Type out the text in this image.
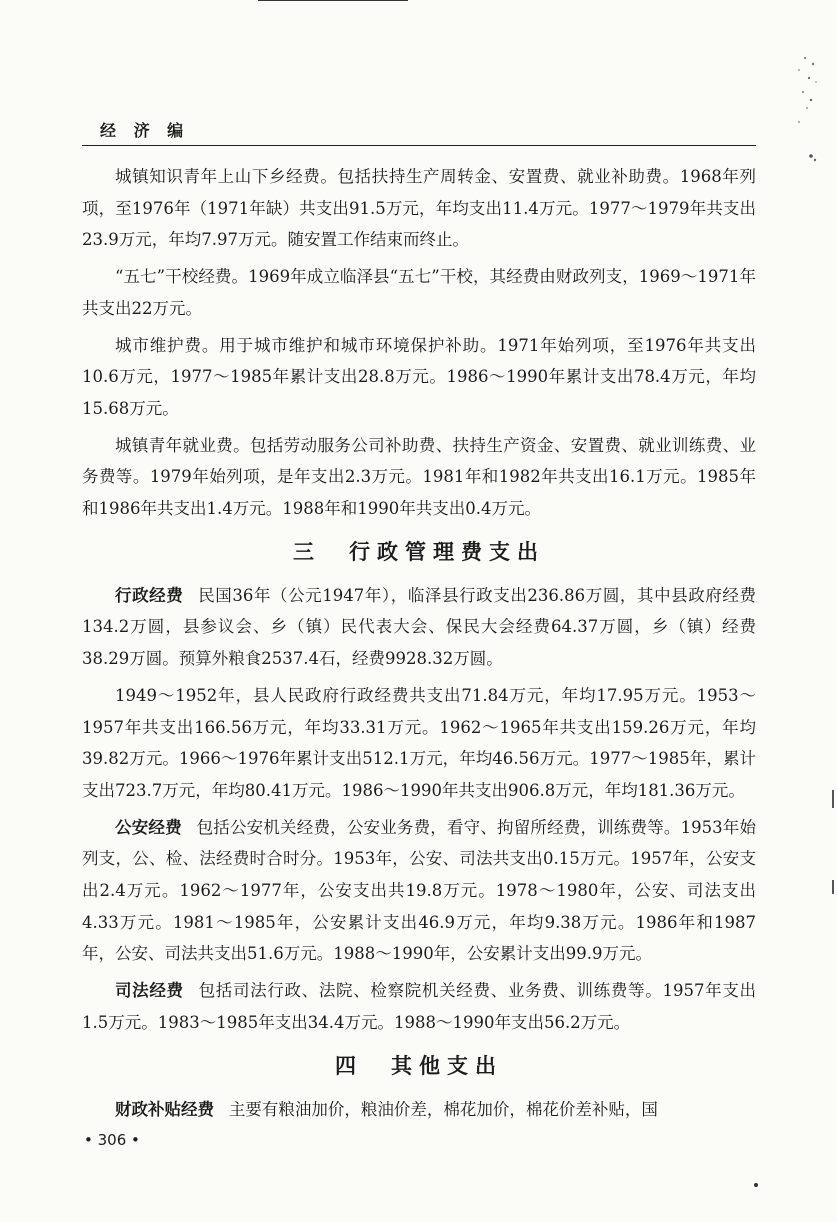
经 济 编

城镇知识青年上山下乡经费。包括扶持生产周转金、安置费、就业补助费。1968年列项，至1976年（1971年缺）共支出91.5万元，年均支出11.4万元。1977～1979年共支出23.9万元，年均7.97万元。随安置工作结束而终止。

“五七”干校经费。1969年成立临泽县“五七”干校，其经费由财政列支，1969～1971年共支出22万元。

城市维护费。用于城市维护和城市环境保护补助。1971年始列项，至1976年共支出10.6万元，1977～1985年累计支出28.8万元。1986～1990年累计支出78.4万元，年均15.68万元。

城镇青年就业费。包括劳动服务公司补助费、扶持生产资金、安置费、就业训练费、业务费等。1979年始列项，是年支出2.3万元。1981年和1982年共支出16.1万元。1985年和1986年共支出1.4万元。1988年和1990年共支出0.4万元。

三　行政管理费支出

行政经费 民国36年（公元1947年），临泽县行政支出236.86万圆，其中县政府经费134.2万圆，县参议会、乡（镇）民代表大会、保民大会经费64.37万圆，乡（镇）经费38.29万圆。预算外粮食2537.4石，经费9928.32万圆。

1949～1952年，县人民政府行政经费共支出71.84万元，年均17.95万元。1953～1957年共支出166.56万元，年均33.31万元。1962～1965年共支出159.26万元，年均39.82万元。1966～1976年累计支出512.1万元，年均46.56万元。1977～1985年，累计支出723.7万元，年均80.41万元。1986～1990年共支出906.8万元，年均181.36万元。

公安经费 包括公安机关经费，公安业务费，看守、拘留所经费，训练费等。1953年始列支，公、检、法经费时合时分。1953年，公安、司法共支出0.15万元。1957年，公安支出2.4万元。1962～1977年，公安支出共19.8万元。1978～1980年，公安、司法支出4.33万元。1981～1985年，公安累计支出46.9万元，年均9.38万元。1986年和1987年，公安、司法共支出51.6万元。1988～1990年，公安累计支出99.9万元。

司法经费 包括司法行政、法院、检察院机关经费、业务费、训练费等。1957年支出1.5万元。1983～1985年支出34.4万元。1988～1990年支出56.2万元。

四　其他支出

财政补贴经费 主要有粮油加价，粮油价差，棉花加价，棉花价差补贴，国

• 306 •
